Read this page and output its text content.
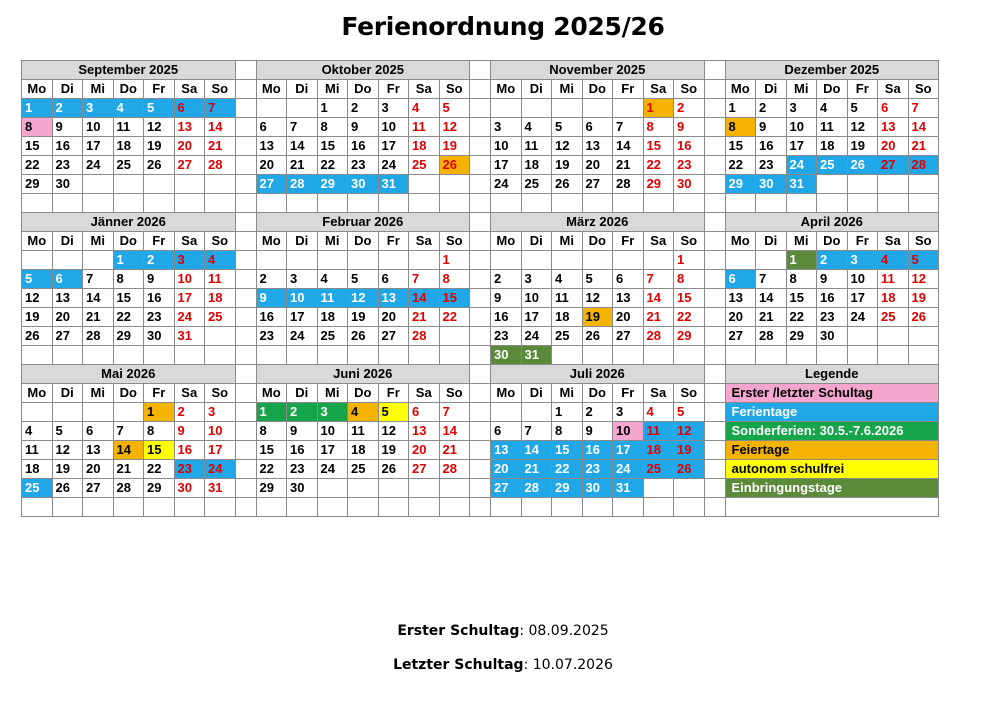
Ferienordnung 2025/26
September 2025								Oktober 2025								November 2025								Dezember 2025						
Mo	Di	Mi	Do	Fr	Sa	So		Mo	Di	Mi	Do	Fr	Sa	So		Mo	Di	Mi	Do	Fr	Sa	So		Mo	Di	Mi	Do	Fr	Sa	So
1	2	3	4	5	6	7				1	2	3	4	5							1	2		1	2	3	4	5	6	7
8	9	10	11	12	13	14		6	7	8	9	10	11	12		3	4	5	6	7	8	9		8	9	10	11	12	13	14
15	16	17	18	19	20	21		13	14	15	16	17	18	19		10	11	12	13	14	15	16		15	16	17	18	19	20	21
22	23	24	25	26	27	28		20	21	22	23	24	25	26		17	18	19	20	21	22	23		22	23	24	25	26	27	28
29	30							27	28	29	30	31				24	25	26	27	28	29	30		29	30	31				

Jänner 2026								Februar 2026								März 2026								April 2026						
Mo	Di	Mi	Do	Fr	Sa	So		Mo	Di	Mi	Do	Fr	Sa	So		Mo	Di	Mi	Do	Fr	Sa	So		Mo	Di	Mi	Do	Fr	Sa	So
			1	2	3	4								1								1				1	2	3	4	5
5	6	7	8	9	10	11		2	3	4	5	6	7	8		2	3	4	5	6	7	8		6	7	8	9	10	11	12
12	13	14	15	16	17	18		9	10	11	12	13	14	15		9	10	11	12	13	14	15		13	14	15	16	17	18	19
19	20	21	22	23	24	25		16	17	18	19	20	21	22		16	17	18	19	20	21	22		20	21	22	23	24	25	26
26	27	28	29	30	31			23	24	25	26	27	28			23	24	25	26	27	28	29		27	28	29	30			
																30	31													
Mai 2026								Juni 2026								Juli 2026								Legende						
Mo	Di	Mi	Do	Fr	Sa	So		Mo	Di	Mi	Do	Fr	Sa	So		Mo	Di	Mi	Do	Fr	Sa	So		Erster /letzter Schultag						
				1	2	3		1	2	3	4	5	6	7				1	2	3	4	5		Ferientage						
4	5	6	7	8	9	10		8	9	10	11	12	13	14		6	7	8	9	10	11	12		Sonderferien: 30.5.-7.6.2026						
11	12	13	14	15	16	17		15	16	17	18	19	20	21		13	14	15	16	17	18	19		Feiertage						
18	19	20	21	22	23	24		22	23	24	25	26	27	28		20	21	22	23	24	25	26		autonom schulfrei						
25	26	27	28	29	30	31		29	30							27	28	29	30	31				Einbringungstage						

Erster Schultag: 08.09.2025
Letzter Schultag: 10.07.2026
